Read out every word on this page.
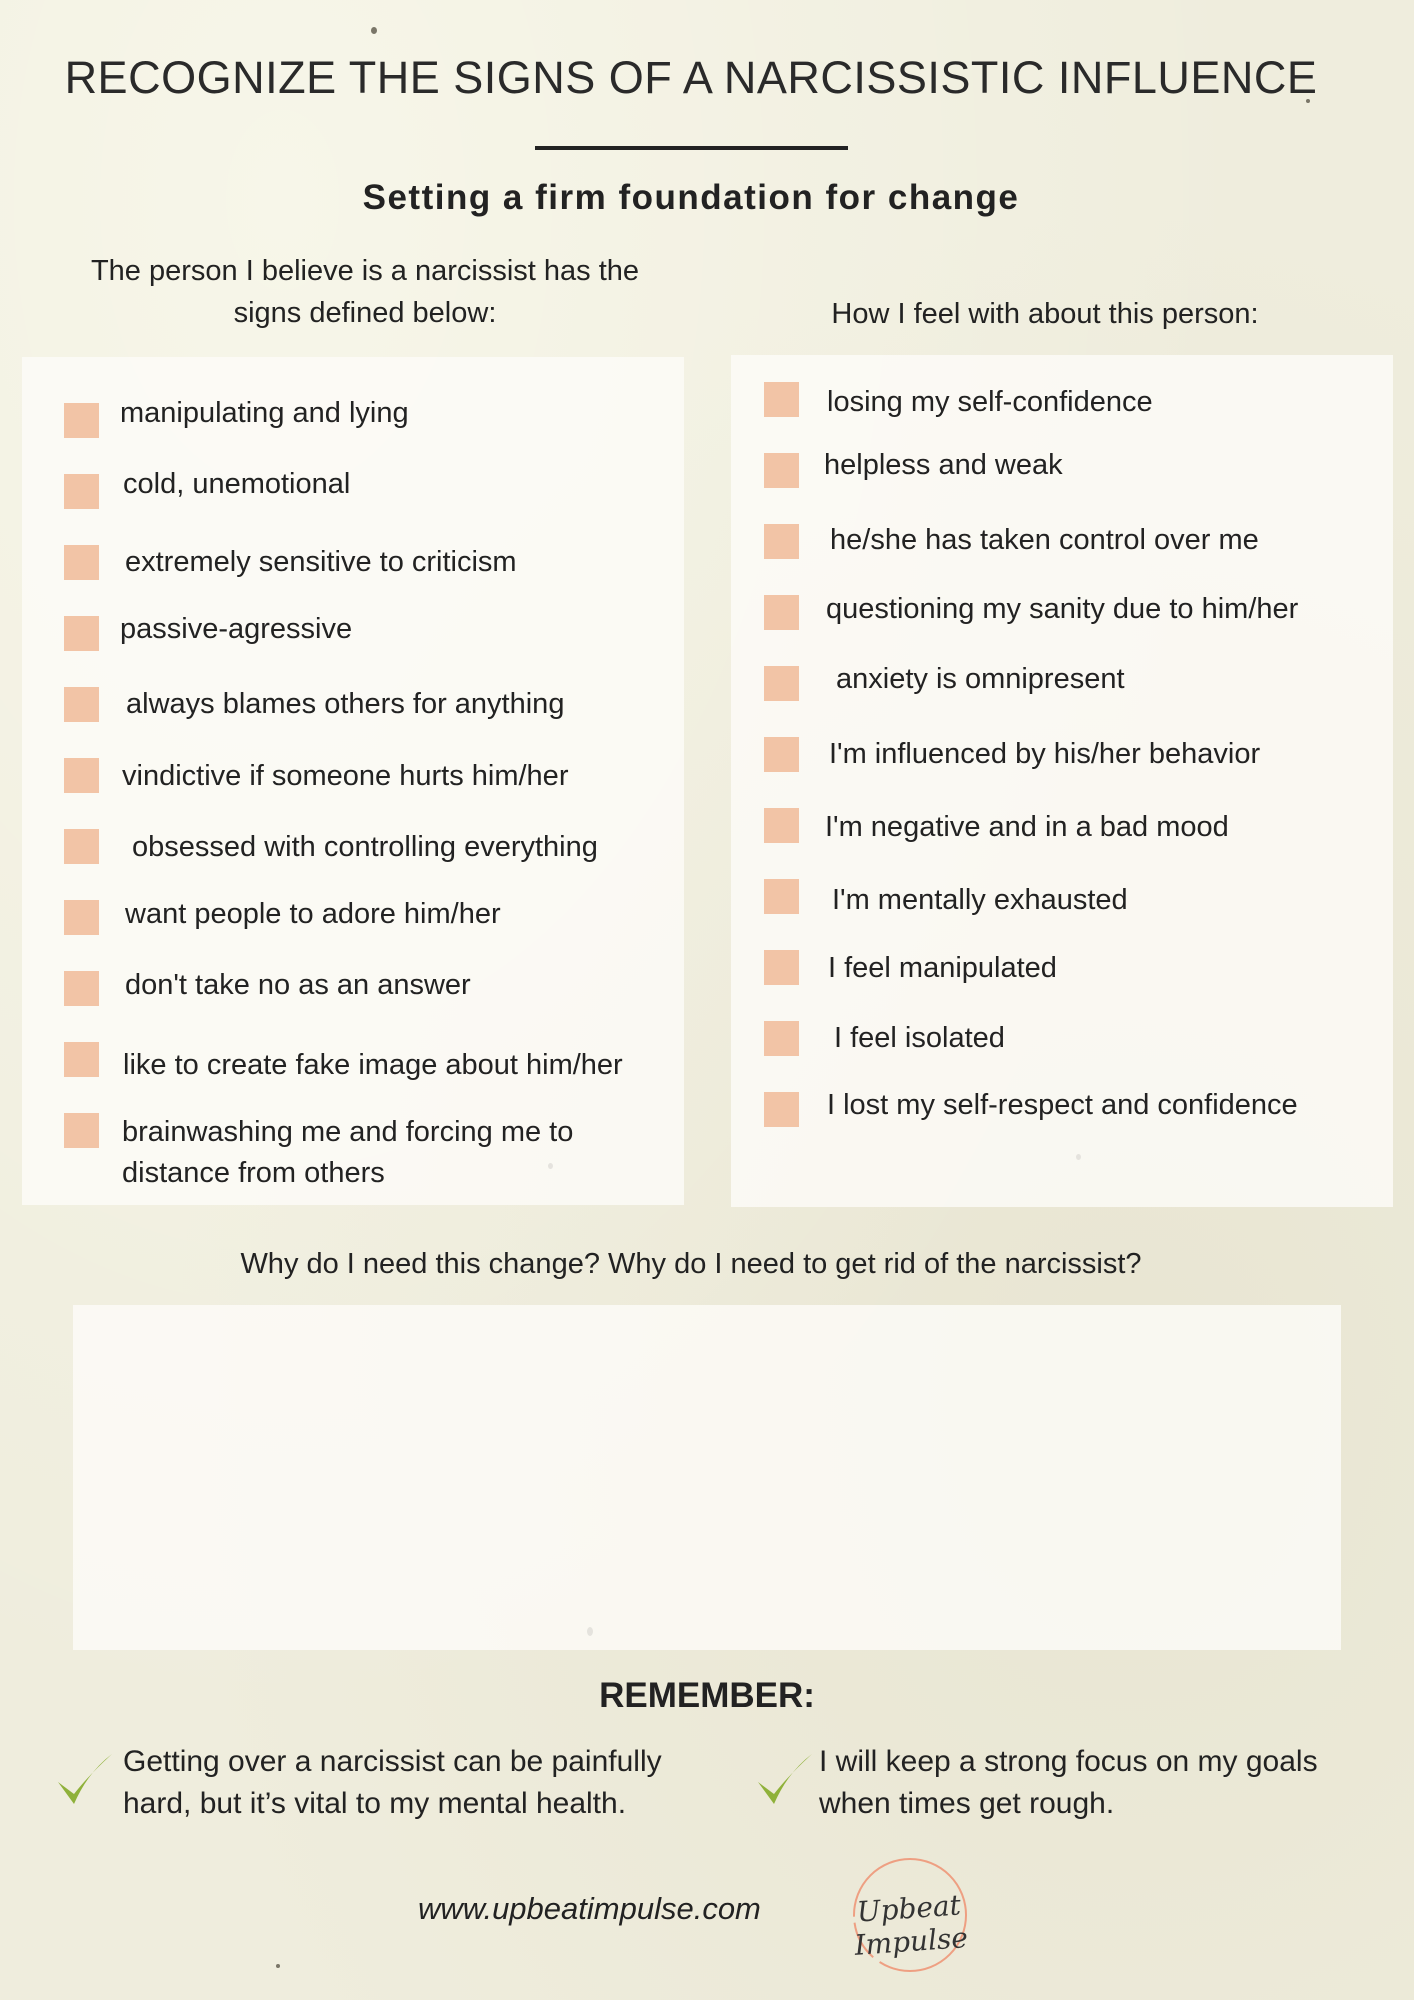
RECOGNIZE THE SIGNS OF A NARCISSISTIC INFLUENCE
Setting a firm foundation for change
The person I believe is a narcissist has the
signs defined below:	How I feel with about this person:
manipulating and lying
cold, unemotional
extremely sensitive to criticism
passive-agressive
always blames others for anything
vindictive if someone hurts him/her
obsessed with controlling everything
want people to adore him/her
don't take no as an answer
like to create fake image about him/her
brainwashing me and forcing me to
distance from others
losing my self-confidence
helpless and weak
he/she has taken control over me
questioning my sanity due to him/her
anxiety is omnipresent
I'm influenced by his/her behavior
I'm negative and in a bad mood
I'm mentally exhausted
I feel manipulated
I feel isolated
I lost my self-respect and confidence
Why do I need this change? Why do I need to get rid of the narcissist?
REMEMBER:
Getting over a narcissist can be painfully
hard, but it’s vital to my mental health.
I will keep a strong focus on my goals
when times get rough.
www.upbeatimpulse.com	Upbeat Impulse
